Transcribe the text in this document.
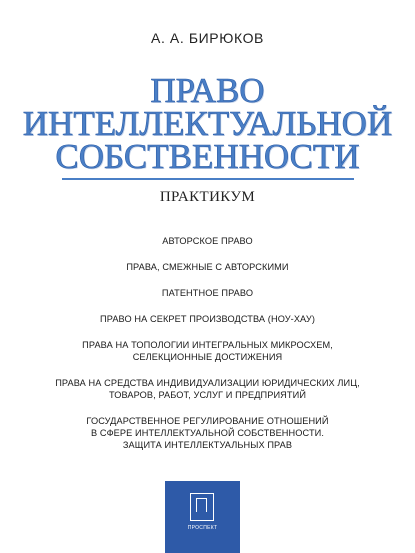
А. А. БИРЮКОВ
ПРАВО
ИНТЕЛЛЕКТУАЛЬНОЙ
СОБСТВЕННОСТИ
ПРАКТИКУМ
АВТОРСКОЕ ПРАВО
ПРАВА, СМЕЖНЫЕ С АВТОРСКИМИ
ПАТЕНТНОЕ ПРАВО
ПРАВО НА СЕКРЕТ ПРОИЗВОДСТВА (НОУ-ХАУ)
ПРАВА НА ТОПОЛОГИИ ИНТЕГРАЛЬНЫХ МИКРОСХЕМ,
СЕЛЕКЦИОННЫЕ ДОСТИЖЕНИЯ
ПРАВА НА СРЕДСТВА ИНДИВИДУАЛИЗАЦИИ ЮРИДИЧЕСКИХ ЛИЦ,
ТОВАРОВ, РАБОТ, УСЛУГ И ПРЕДПРИЯТИЙ
ГОСУДАРСТВЕННОЕ РЕГУЛИРОВАНИЕ ОТНОШЕНИЙ
В СФЕРЕ ИНТЕЛЛЕКТУАЛЬНОЙ СОБСТВЕННОСТИ.
ЗАЩИТА ИНТЕЛЛЕКТУАЛЬНЫХ ПРАВ
ПРОСПЕКТ
